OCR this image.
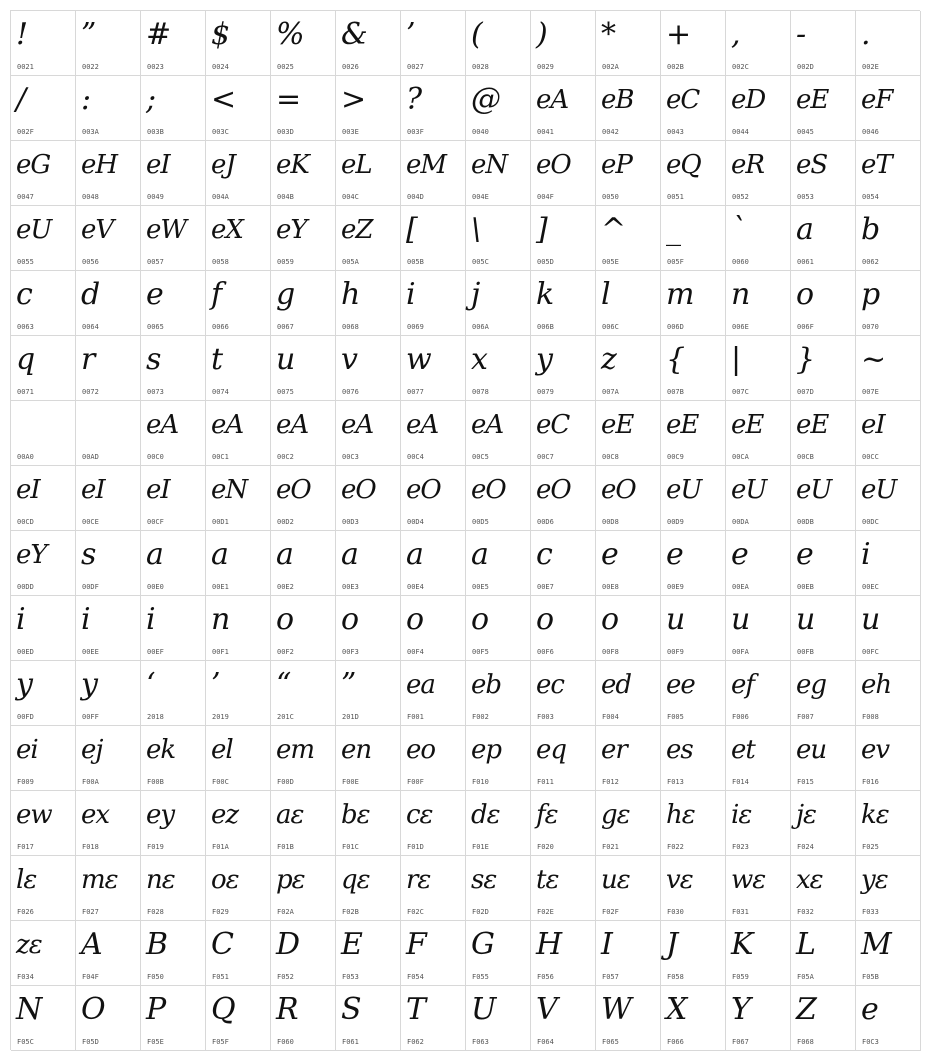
!
0021
”
0022
#
0023
$
0024
%
0025
&
0026
’
0027
(
0028
)
0029
*
002A
+
002B
,
002C
-
002D
.
002E
/
002F
:
003A
;
003B
<
003C
=
003D
>
003E
?
003F
@
0040
eA
0041
eB
0042
eC
0043
eD
0044
eE
0045
eF
0046
eG
0047
eH
0048
eI
0049
eJ
004A
eK
004B
eL
004C
eM
004D
eN
004E
eO
004F
eP
0050
eQ
0051
eR
0052
eS
0053
eT
0054
eU
0055
eV
0056
eW
0057
eX
0058
eY
0059
eZ
005A
[
005B
\
005C
]
005D
^
005E
_
005F
`
0060
a
0061
b
0062
c
0063
d
0064
e
0065
f
0066
g
0067
h
0068
i
0069
j
006A
k
006B
l
006C
m
006D
n
006E
o
006F
p
0070
q
0071
r
0072
s
0073
t
0074
u
0075
v
0076
w
0077
x
0078
y
0079
z
007A
{
007B
|
007C
}
007D
~
007E
00A0	00AD
eA
00C0
eA
00C1
eA
00C2
eA
00C3
eA
00C4
eA
00C5
eC
00C7
eE
00C8
eE
00C9
eE
00CA
eE
00CB
eI
00CC
eI
00CD
eI
00CE
eI
00CF
eN
00D1
eO
00D2
eO
00D3
eO
00D4
eO
00D5
eO
00D6
eO
00D8
eU
00D9
eU
00DA
eU
00DB
eU
00DC
eY
00DD
s
00DF
a
00E0
a
00E1
a
00E2
a
00E3
a
00E4
a
00E5
c
00E7
e
00E8
e
00E9
e
00EA
e
00EB
i
00EC
i
00ED
i
00EE
i
00EF
n
00F1
o
00F2
o
00F3
o
00F4
o
00F5
o
00F6
o
00F8
u
00F9
u
00FA
u
00FB
u
00FC
y
00FD
y
00FF
‘
2018
’
2019
“
201C
”
201D
ea
F001
eb
F002
ec
F003
ed
F004
ee
F005
ef
F006
eg
F007
eh
F008
ei
F009
ej
F00A
ek
F00B
el
F00C
em
F00D
en
F00E
eo
F00F
ep
F010
eq
F011
er
F012
es
F013
et
F014
eu
F015
ev
F016
ew
F017
ex
F018
ey
F019
ez
F01A
aε
F01B
bε
F01C
cε
F01D
dε
F01E
fε
F020
gε
F021
hε
F022
iε
F023
jε
F024
kε
F025
lε
F026
mε
F027
nε
F028
oε
F029
pε
F02A
qε
F02B
rε
F02C
sε
F02D
tε
F02E
uε
F02F
vε
F030
wε
F031
xε
F032
yε
F033
zε
F034
A
F04F
B
F050
C
F051
D
F052
E
F053
F
F054
G
F055
H
F056
I
F057
J
F058
K
F059
L
F05A
M
F05B
N
F05C
O
F05D
P
F05E
Q
F05F
R
F060
S
F061
T
F062
U
F063
V
F064
W
F065
X
F066
Y
F067
Z
F068
e
F0C3
